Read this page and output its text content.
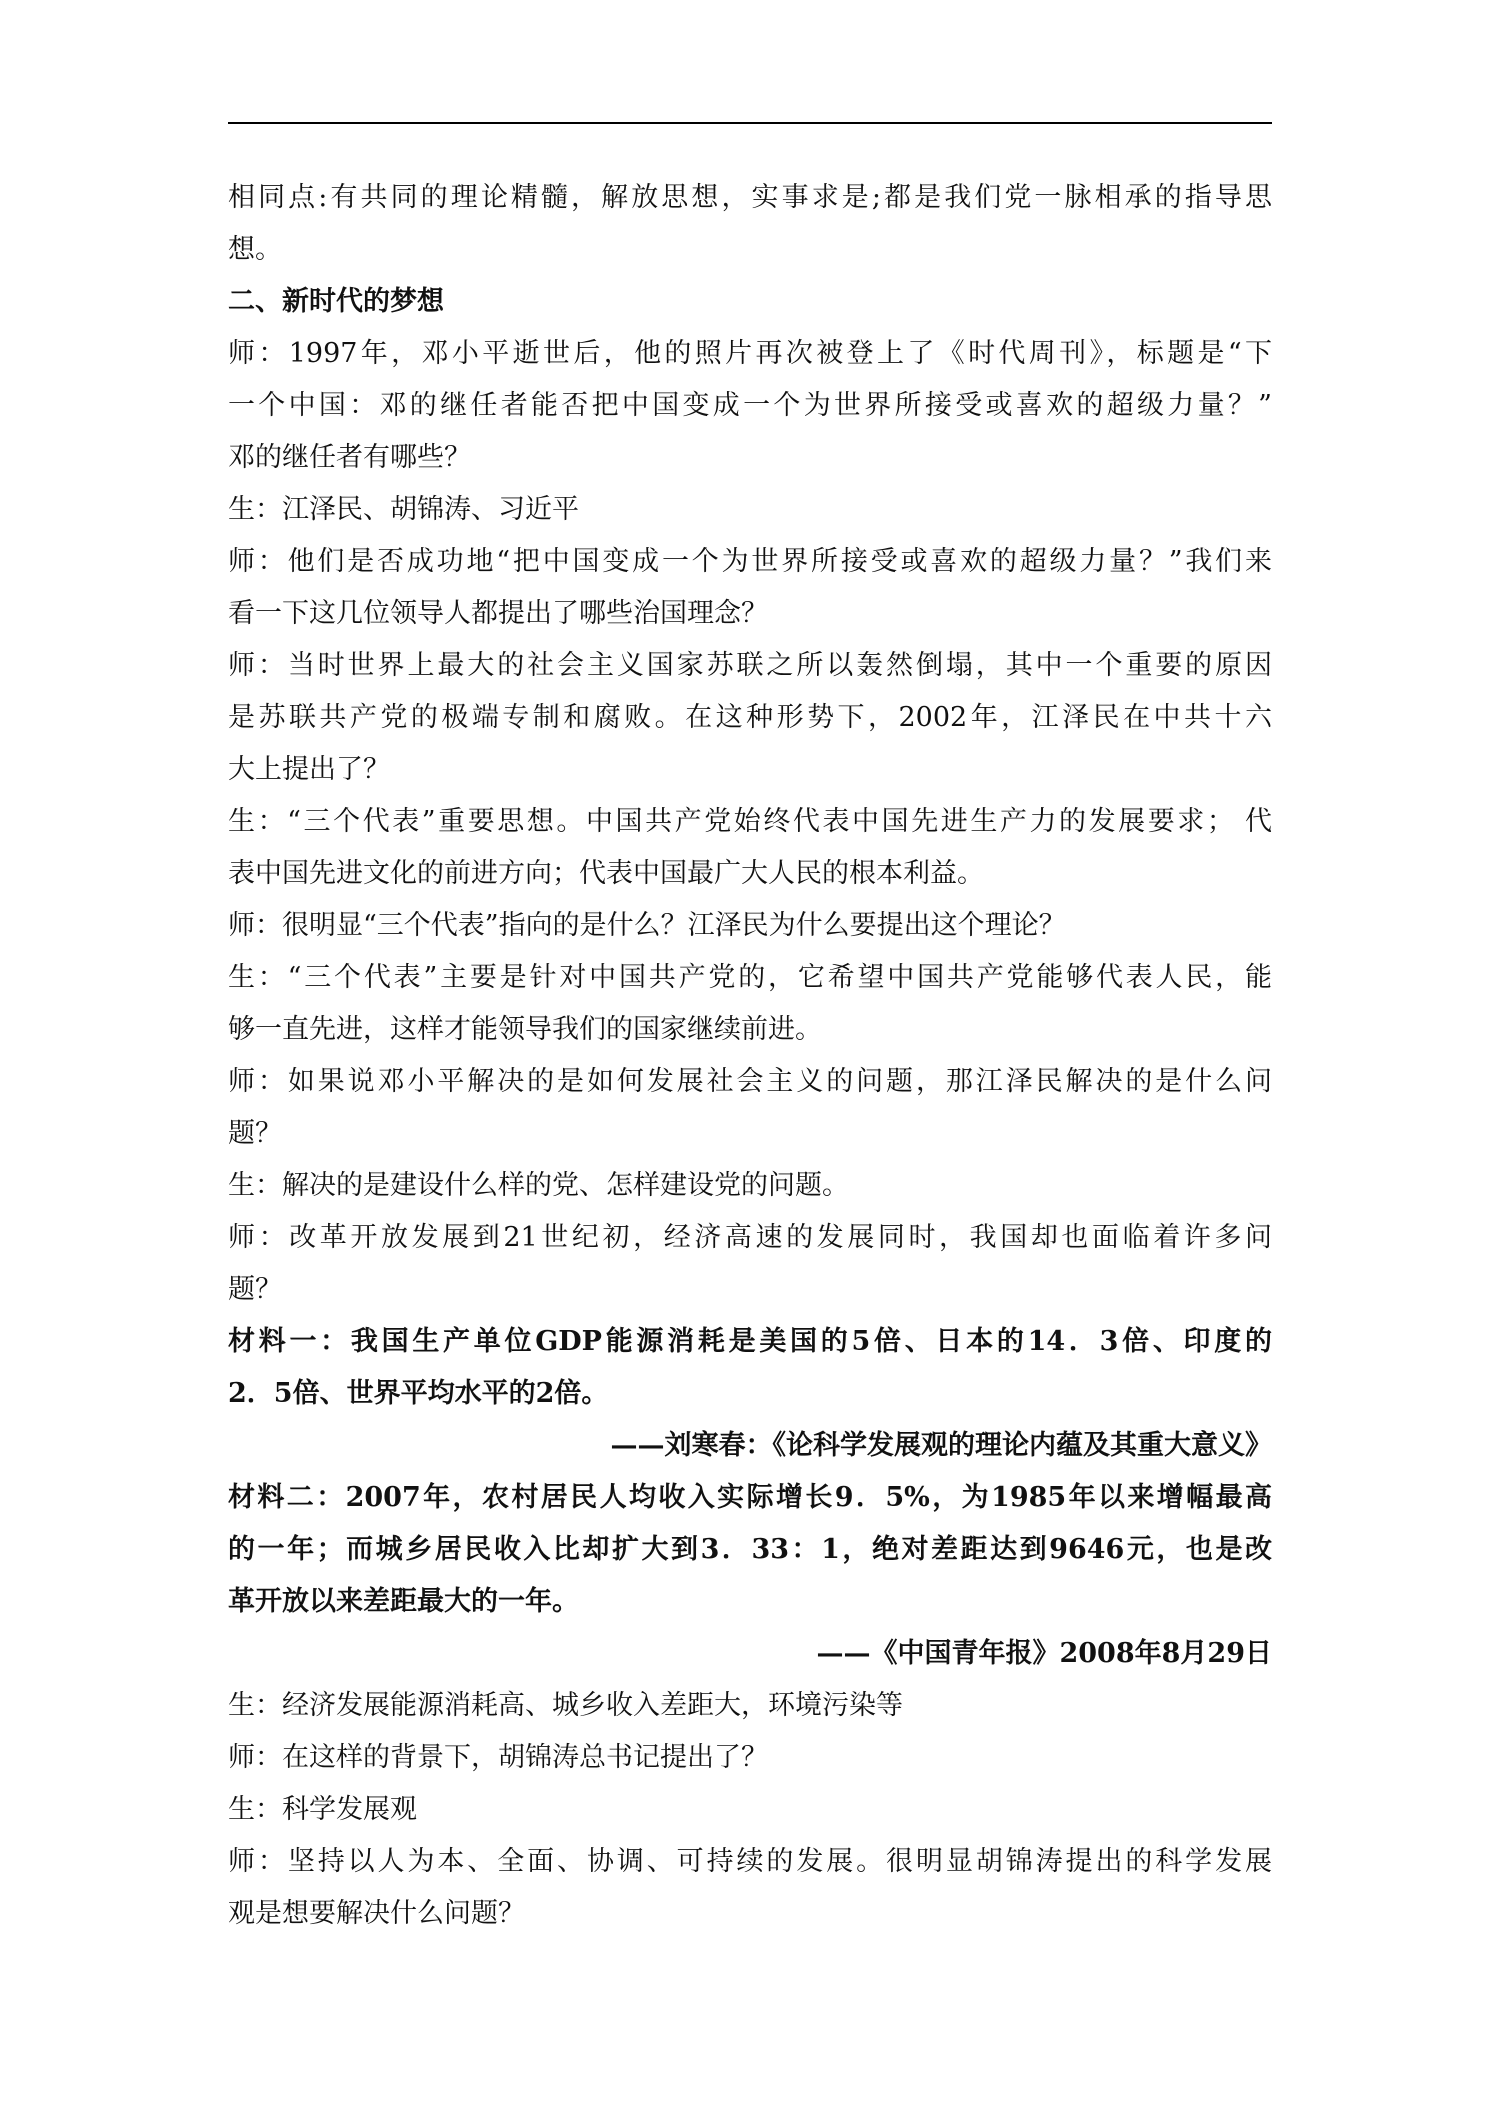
相同点:有共同的理论精髓，解放思想，实事求是;都是我们党一脉相承的指导思
想。
二、新时代的梦想
师：1997年，邓小平逝世后，他的照片再次被登上了《时代周刊》，标题是“下
一个中国：邓的继任者能否把中国变成一个为世界所接受或喜欢的超级力量？”
邓的继任者有哪些？
生：江泽民、胡锦涛、习近平
师：他们是否成功地“把中国变成一个为世界所接受或喜欢的超级力量？”我们来
看一下这几位领导人都提出了哪些治国理念？
师：当时世界上最大的社会主义国家苏联之所以轰然倒塌，其中一个重要的原因
是苏联共产党的极端专制和腐败。在这种形势下，2002年，江泽民在中共十六
大上提出了？
生：“三个代表”重要思想。中国共产党始终代表中国先进生产力的发展要求； 代
表中国先进文化的前进方向；代表中国最广大人民的根本利益。
师：很明显“三个代表”指向的是什么？江泽民为什么要提出这个理论？
生：“三个代表”主要是针对中国共产党的，它希望中国共产党能够代表人民，能
够一直先进，这样才能领导我们的国家继续前进。
师：如果说邓小平解决的是如何发展社会主义的问题，那江泽民解决的是什么问
题？
生：解决的是建设什么样的党、怎样建设党的问题。
师：改革开放发展到21世纪初，经济高速的发展同时，我国却也面临着许多问
题？
材料一：我国生产单位GDP能源消耗是美国的5倍、日本的14．3倍、印度的
2．5倍、世界平均水平的2倍。
——刘寒春：《论科学发展观的理论内蕴及其重大意义》
材料二：2007年，农村居民人均收入实际增长9．5%，为1985年以来增幅最高
的一年；而城乡居民收入比却扩大到3．33：1，绝对差距达到9646元，也是改
革开放以来差距最大的一年。
——《中国青年报》2008年8月29日
生：经济发展能源消耗高、城乡收入差距大，环境污染等
师：在这样的背景下，胡锦涛总书记提出了？
生：科学发展观
师：坚持以人为本、全面、协调、可持续的发展。很明显胡锦涛提出的科学发展
观是想要解决什么问题？
